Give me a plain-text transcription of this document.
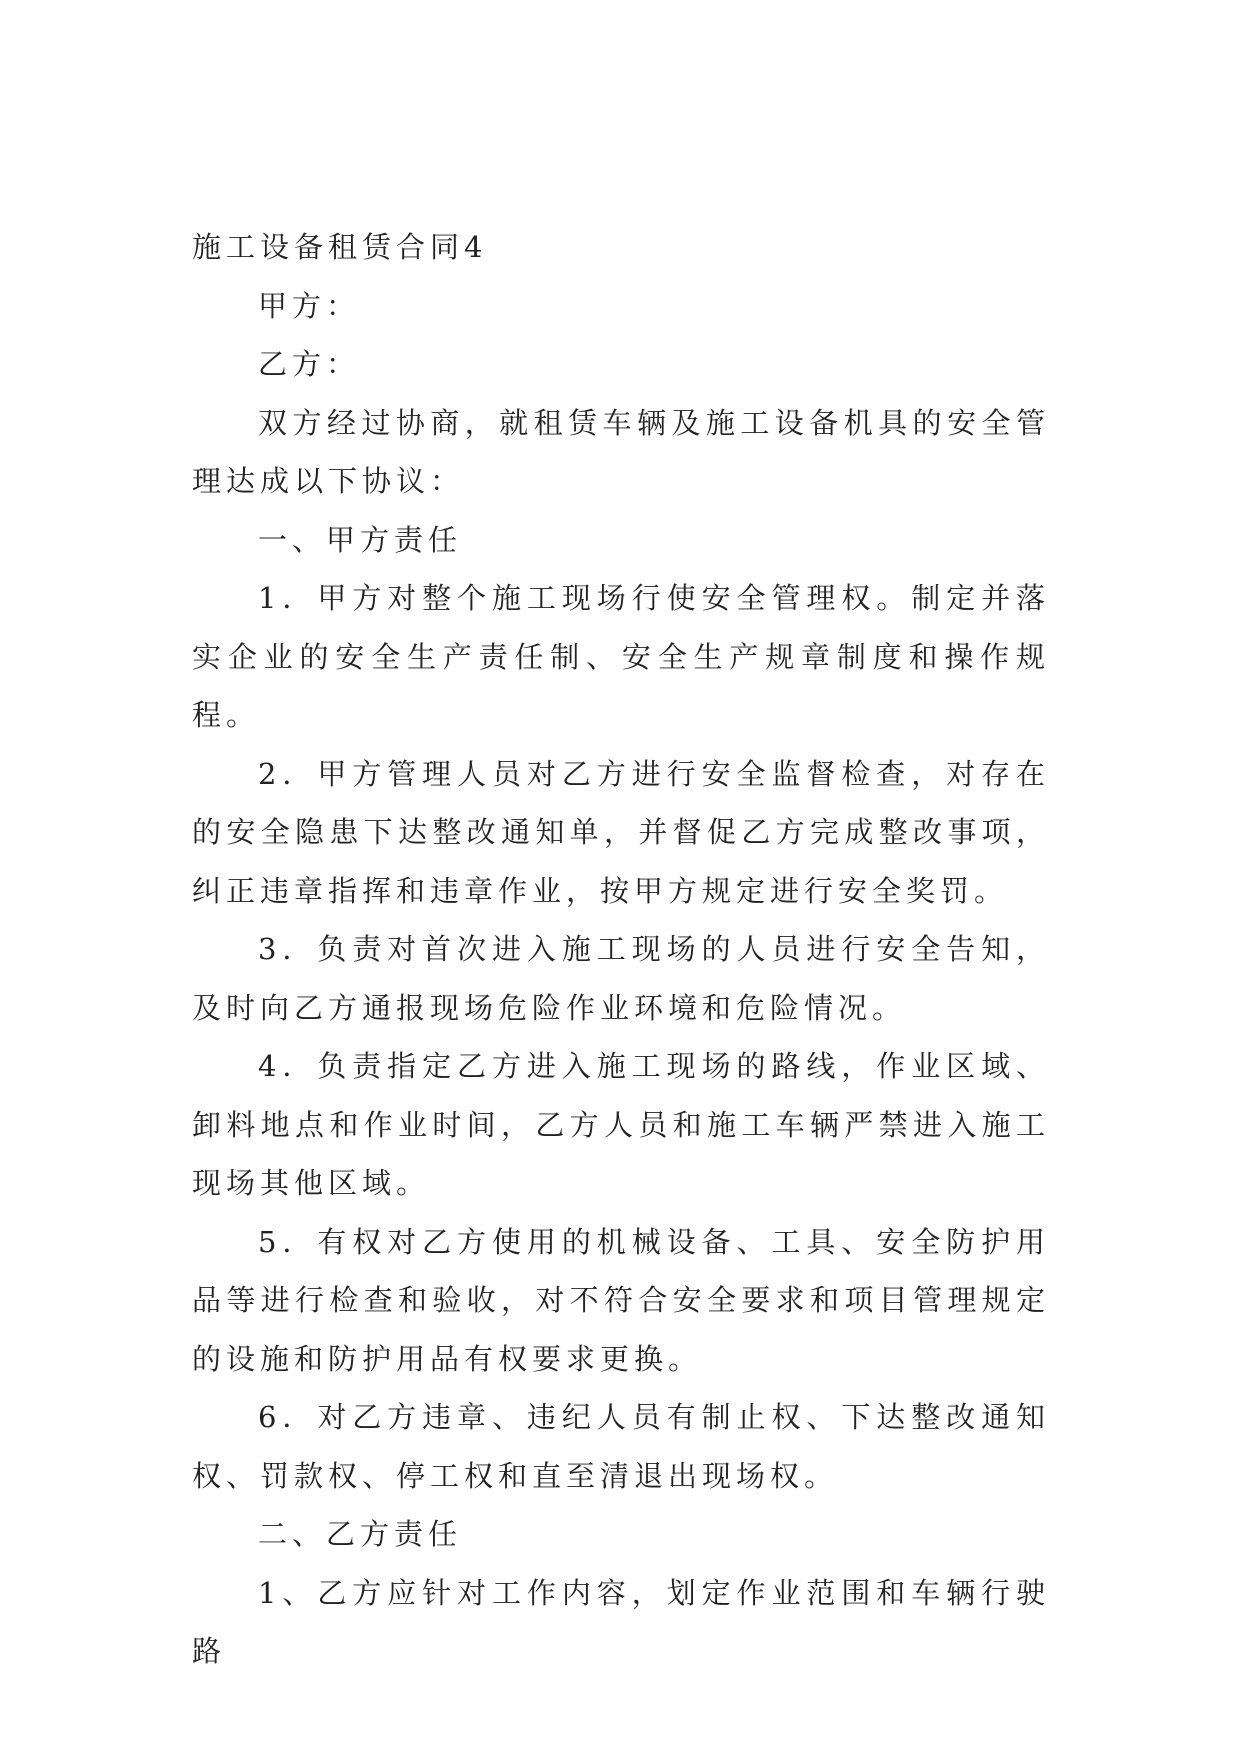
施工设备租赁合同4

甲方：

乙方：

双方经过协商，就租赁车辆及施工设备机具的安全管理达成以下协议：

一、甲方责任

1．甲方对整个施工现场行使安全管理权。制定并落实企业的安全生产责任制、安全生产规章制度和操作规程。

2．甲方管理人员对乙方进行安全监督检查，对存在的安全隐患下达整改通知单，并督促乙方完成整改事项，纠正违章指挥和违章作业，按甲方规定进行安全奖罚。

3．负责对首次进入施工现场的人员进行安全告知，及时向乙方通报现场危险作业环境和危险情况。

4．负责指定乙方进入施工现场的路线，作业区域、卸料地点和作业时间，乙方人员和施工车辆严禁进入施工现场其他区域。

5．有权对乙方使用的机械设备、工具、安全防护用品等进行检查和验收，对不符合安全要求和项目管理规定的设施和防护用品有权要求更换。

6．对乙方违章、违纪人员有制止权、下达整改通知权、罚款权、停工权和直至清退出现场权。

二、乙方责任

1、乙方应针对工作内容，划定作业范围和车辆行驶路
